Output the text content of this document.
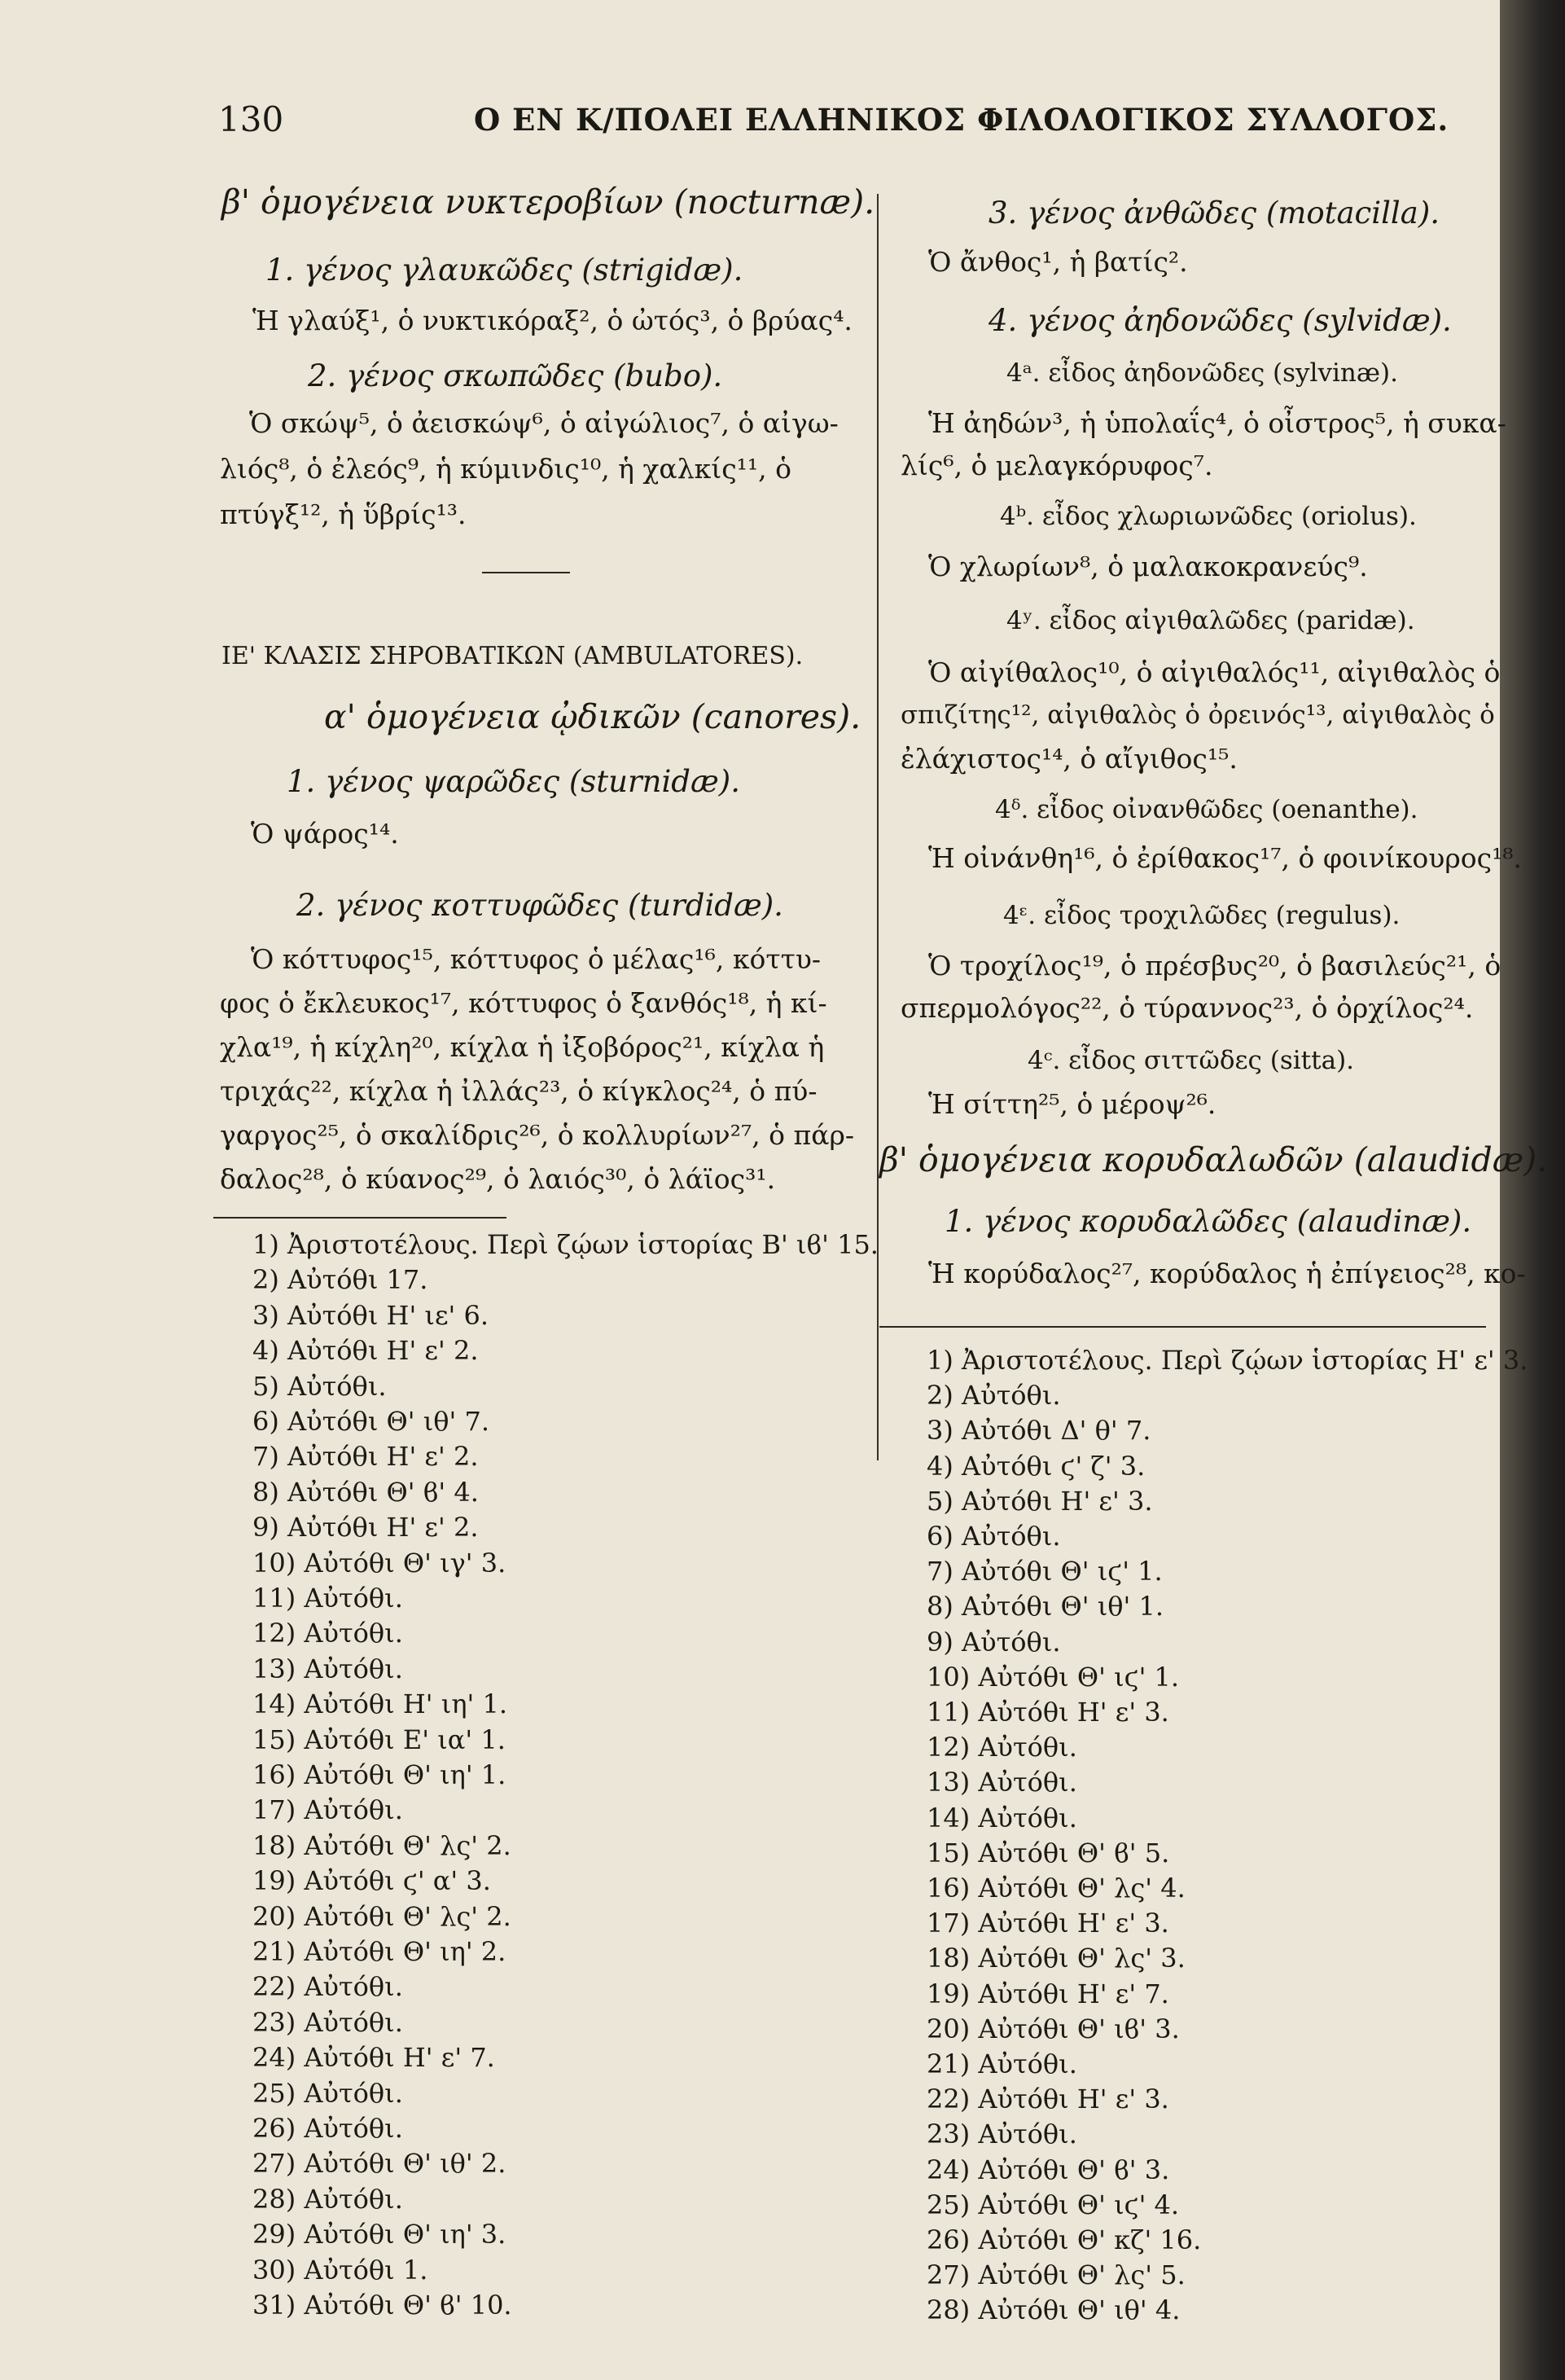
130	Ο ΕΝ Κ/ΠΟΛΕΙ ΕΛΛΗΝΙΚΟΣ ΦΙΛΟΛΟΓΙΚΟΣ ΣΥΛΛΟΓΟΣ.
β' ὁμογένεια νυκτεροβίων (nocturnæ).
1. γένος γλαυκῶδες (strigidæ).
Ἡ γλαύξ¹, ὁ νυκτικόραξ², ὁ ὠτός³, ὁ βρύας⁴.
2. γένος σκωπῶδες (bubo).
Ὁ σκώψ⁵, ὁ ἀεισκώψ⁶, ὁ αἰγώλιος⁷, ὁ αἰγω-
λιός⁸, ὁ ἐλεός⁹, ἡ κύμινδις¹⁰, ἡ χαλκίς¹¹, ὁ
πτύγξ¹², ἡ ὕβρίς¹³.
ΙΕ' ΚΛΑΣΙΣ ΣΗΡΟΒΑΤΙΚΩΝ (AMBULATORES).
α' ὁμογένεια ᾠδικῶν (canores).
1. γένος ψαρῶδες (sturnidæ).
Ὁ ψάρος¹⁴.
2. γένος κοττυφῶδες (turdidæ).
Ὁ κόττυφος¹⁵, κόττυφος ὁ μέλας¹⁶, κόττυ-
φος ὁ ἔκλευκος¹⁷, κόττυφος ὁ ξανθός¹⁸, ἡ κί-
χλα¹⁹, ἡ κίχλη²⁰, κίχλα ἡ ἰξοβόρος²¹, κίχλα ἡ
τριχάς²², κίχλα ἡ ἰλλάς²³, ὁ κίγκλος²⁴, ὁ πύ-
γαργος²⁵, ὁ σκαλίδρις²⁶, ὁ κολλυρίων²⁷, ὁ πάρ-
δαλος²⁸, ὁ κύανος²⁹, ὁ λαιός³⁰, ὁ λάϊος³¹.
1) Ἀριστοτέλους. Περὶ ζῴων ἱστορίας Β' ιϐ' 15.
2) Αὐτόθι 17.
3) Αὐτόθι Η' ιε' 6.
4) Αὐτόθι Η' ε' 2.
5) Αὐτόθι.
6) Αὐτόθι Θ' ιθ' 7.
7) Αὐτόθι Η' ε' 2.
8) Αὐτόθι Θ' ϐ' 4.
9) Αὐτόθι Η' ε' 2.
10) Αὐτόθι Θ' ιγ' 3.
11) Αὐτόθι.
12) Αὐτόθι.
13) Αὐτόθι.
14) Αὐτόθι Η' ιη' 1.
15) Αὐτόθι Ε' ια' 1.
16) Αὐτόθι Θ' ιη' 1.
17) Αὐτόθι.
18) Αὐτόθι Θ' λς' 2.
19) Αὐτόθι ϛ' α' 3.
20) Αὐτόθι Θ' λς' 2.
21) Αὐτόθι Θ' ιη' 2.
22) Αὐτόθι.
23) Αὐτόθι.
24) Αὐτόθι Η' ε' 7.
25) Αὐτόθι.
26) Αὐτόθι.
27) Αὐτόθι Θ' ιθ' 2.
28) Αὐτόθι.
29) Αὐτόθι Θ' ιη' 3.
30) Αὐτόθι 1.
31) Αὐτόθι Θ' ϐ' 10.
3. γένος ἀνθῶδες (motacilla).
Ὁ ἄνθος¹, ἡ βατίς².
4. γένος ἀηδονῶδες (sylvidæ).
4ᵃ. εἶδος ἀηδονῶδες (sylvinæ).
Ἡ ἀηδών³, ἡ ὑπολαΐς⁴, ὁ οἶστρος⁵, ἡ συκα-
λίς⁶, ὁ μελαγκόρυφος⁷.
4ᵇ. εἶδος χλωριωνῶδες (oriolus).
Ὁ χλωρίων⁸, ὁ μαλακοκρανεύς⁹.
4ʸ. εἶδος αἰγιθαλῶδες (paridæ).
Ὁ αἰγίθαλος¹⁰, ὁ αἰγιθαλός¹¹, αἰγιθαλὸς ὁ
σπιζίτης¹², αἰγιθαλὸς ὁ ὀρεινός¹³, αἰγιθαλὸς ὁ
ἐλάχιστος¹⁴, ὁ αἴγιθος¹⁵.
4ᵟ. εἶδος οἰνανθῶδες (oenanthe).
Ἡ οἰνάνθη¹⁶, ὁ ἐρίθακος¹⁷, ὁ φοινίκουρος¹⁸.
4ᵋ. εἶδος τροχιλῶδες (regulus).
Ὁ τροχίλος¹⁹, ὁ πρέσβυς²⁰, ὁ βασιλεύς²¹, ὁ
σπερμολόγος²², ὁ τύραννος²³, ὁ ὀρχίλος²⁴.
4ᶜ. εἶδος σιττῶδες (sitta).
Ἡ σίττη²⁵, ὁ μέροψ²⁶.
β' ὁμογένεια κορυδαλωδῶν (alaudidæ).
1. γένος κορυδαλῶδες (alaudinæ).
Ἡ κορύδαλος²⁷, κορύδαλος ἡ ἐπίγειος²⁸, κο-
1) Ἀριστοτέλους. Περὶ ζῴων ἱστορίας Η' ε' 3.
2) Αὐτόθι.
3) Αὐτόθι Δ' θ' 7.
4) Αὐτόθι ϛ' ζ' 3.
5) Αὐτόθι Η' ε' 3.
6) Αὐτόθι.
7) Αὐτόθι Θ' ιϛ' 1.
8) Αὐτόθι Θ' ιθ' 1.
9) Αὐτόθι.
10) Αὐτόθι Θ' ιϛ' 1.
11) Αὐτόθι Η' ε' 3.
12) Αὐτόθι.
13) Αὐτόθι.
14) Αὐτόθι.
15) Αὐτόθι Θ' ϐ' 5.
16) Αὐτόθι Θ' λς' 4.
17) Αὐτόθι Η' ε' 3.
18) Αὐτόθι Θ' λς' 3.
19) Αὐτόθι Η' ε' 7.
20) Αὐτόθι Θ' ιϐ' 3.
21) Αὐτόθι.
22) Αὐτόθι Η' ε' 3.
23) Αὐτόθι.
24) Αὐτόθι Θ' ϐ' 3.
25) Αὐτόθι Θ' ιϛ' 4.
26) Αὐτόθι Θ' κζ' 16.
27) Αὐτόθι Θ' λς' 5.
28) Αὐτόθι Θ' ιθ' 4.
